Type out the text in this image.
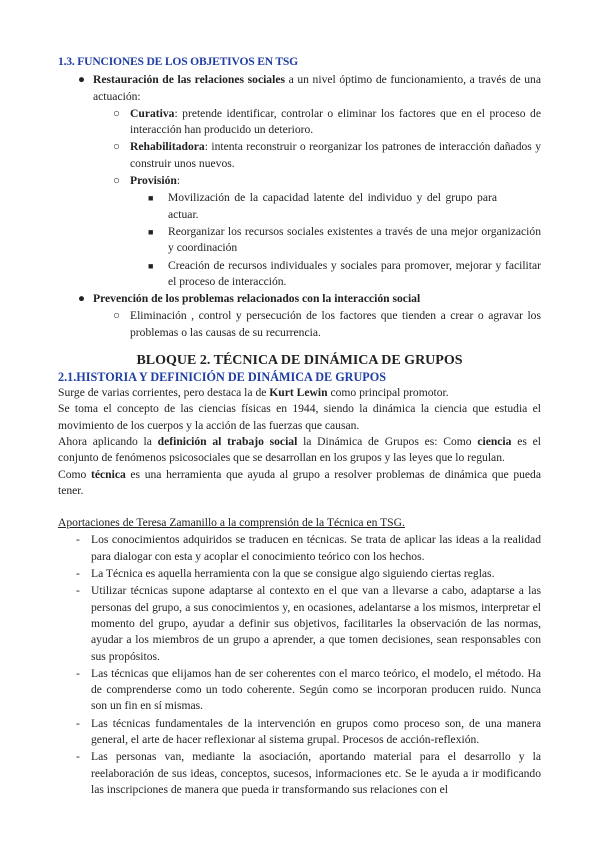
1.3. FUNCIONES DE LOS OBJETIVOS EN TSG
● Restauración de las relaciones sociales a un nivel óptimo de funcionamiento, a través de una actuación:
○ Curativa: pretende identificar, controlar o eliminar los factores que en el proceso de interacción han producido un deterioro.
○ Rehabilitadora: intenta reconstruir o reorganizar los patrones de interacción dañados y construir unos nuevos.
○ Provisión:
■ Movilización de la capacidad latente del individuo y del grupo para actuar.
■ Reorganizar los recursos sociales existentes a través de una mejor organización y coordinación
■ Creación de recursos individuales y sociales para promover, mejorar y facilitar el proceso de interacción.
● Prevención de los problemas relacionados con la interacción social
○ Eliminación , control y persecución de los factores que tienden a crear o agravar los problemas o las causas de su recurrencia.
BLOQUE 2. TÉCNICA DE DINÁMICA DE GRUPOS
2.1.HISTORIA Y DEFINICIÓN DE DINÁMICA DE GRUPOS

Surge de varias corrientes, pero destaca la de Kurt Lewin como principal promotor.

Se toma el concepto de las ciencias físicas en 1944, siendo la dinámica la ciencia que estudia el movimiento de los cuerpos y la acción de las fuerzas que causan.

Ahora aplicando la definición al trabajo social la Dinámica de Grupos es: Como ciencia es el conjunto de fenómenos psicosociales que se desarrollan en los grupos y las leyes que lo regulan.

Como técnica es una herramienta que ayuda al grupo a resolver problemas de dinámica que pueda tener.

Aportaciones de Teresa Zamanillo a la comprensión de la Técnica en TSG.
- Los conocimientos adquiridos se traducen en técnicas. Se trata de aplicar las ideas a la realidad para dialogar con esta y acoplar el conocimiento teórico con los hechos.
- La Técnica es aquella herramienta con la que se consigue algo siguiendo ciertas reglas.
- Utilizar técnicas supone adaptarse al contexto en el que van a llevarse a cabo, adaptarse a las personas del grupo, a sus conocimientos y, en ocasiones, adelantarse a los mismos, interpretar el momento del grupo, ayudar a definir sus objetivos, facilitarles la observación de las normas, ayudar a los miembros de un grupo a aprender, a que tomen decisiones, sean responsables con sus propósitos.
- Las técnicas que elijamos han de ser coherentes con el marco teórico, el modelo, el método. Ha de comprenderse como un todo coherente. Según como se incorporan producen ruido. Nunca son un fin en sí mismas.
- Las técnicas fundamentales de la intervención en grupos como proceso son, de una manera general, el arte de hacer reflexionar al sistema grupal. Procesos de acción-reflexión.
- Las personas van, mediante la asociación, aportando material para el desarrollo y la reelaboración de sus ideas, conceptos, sucesos, informaciones etc. Se le ayuda a ir modificando las inscripciones de manera que pueda ir transformando sus relaciones con el
